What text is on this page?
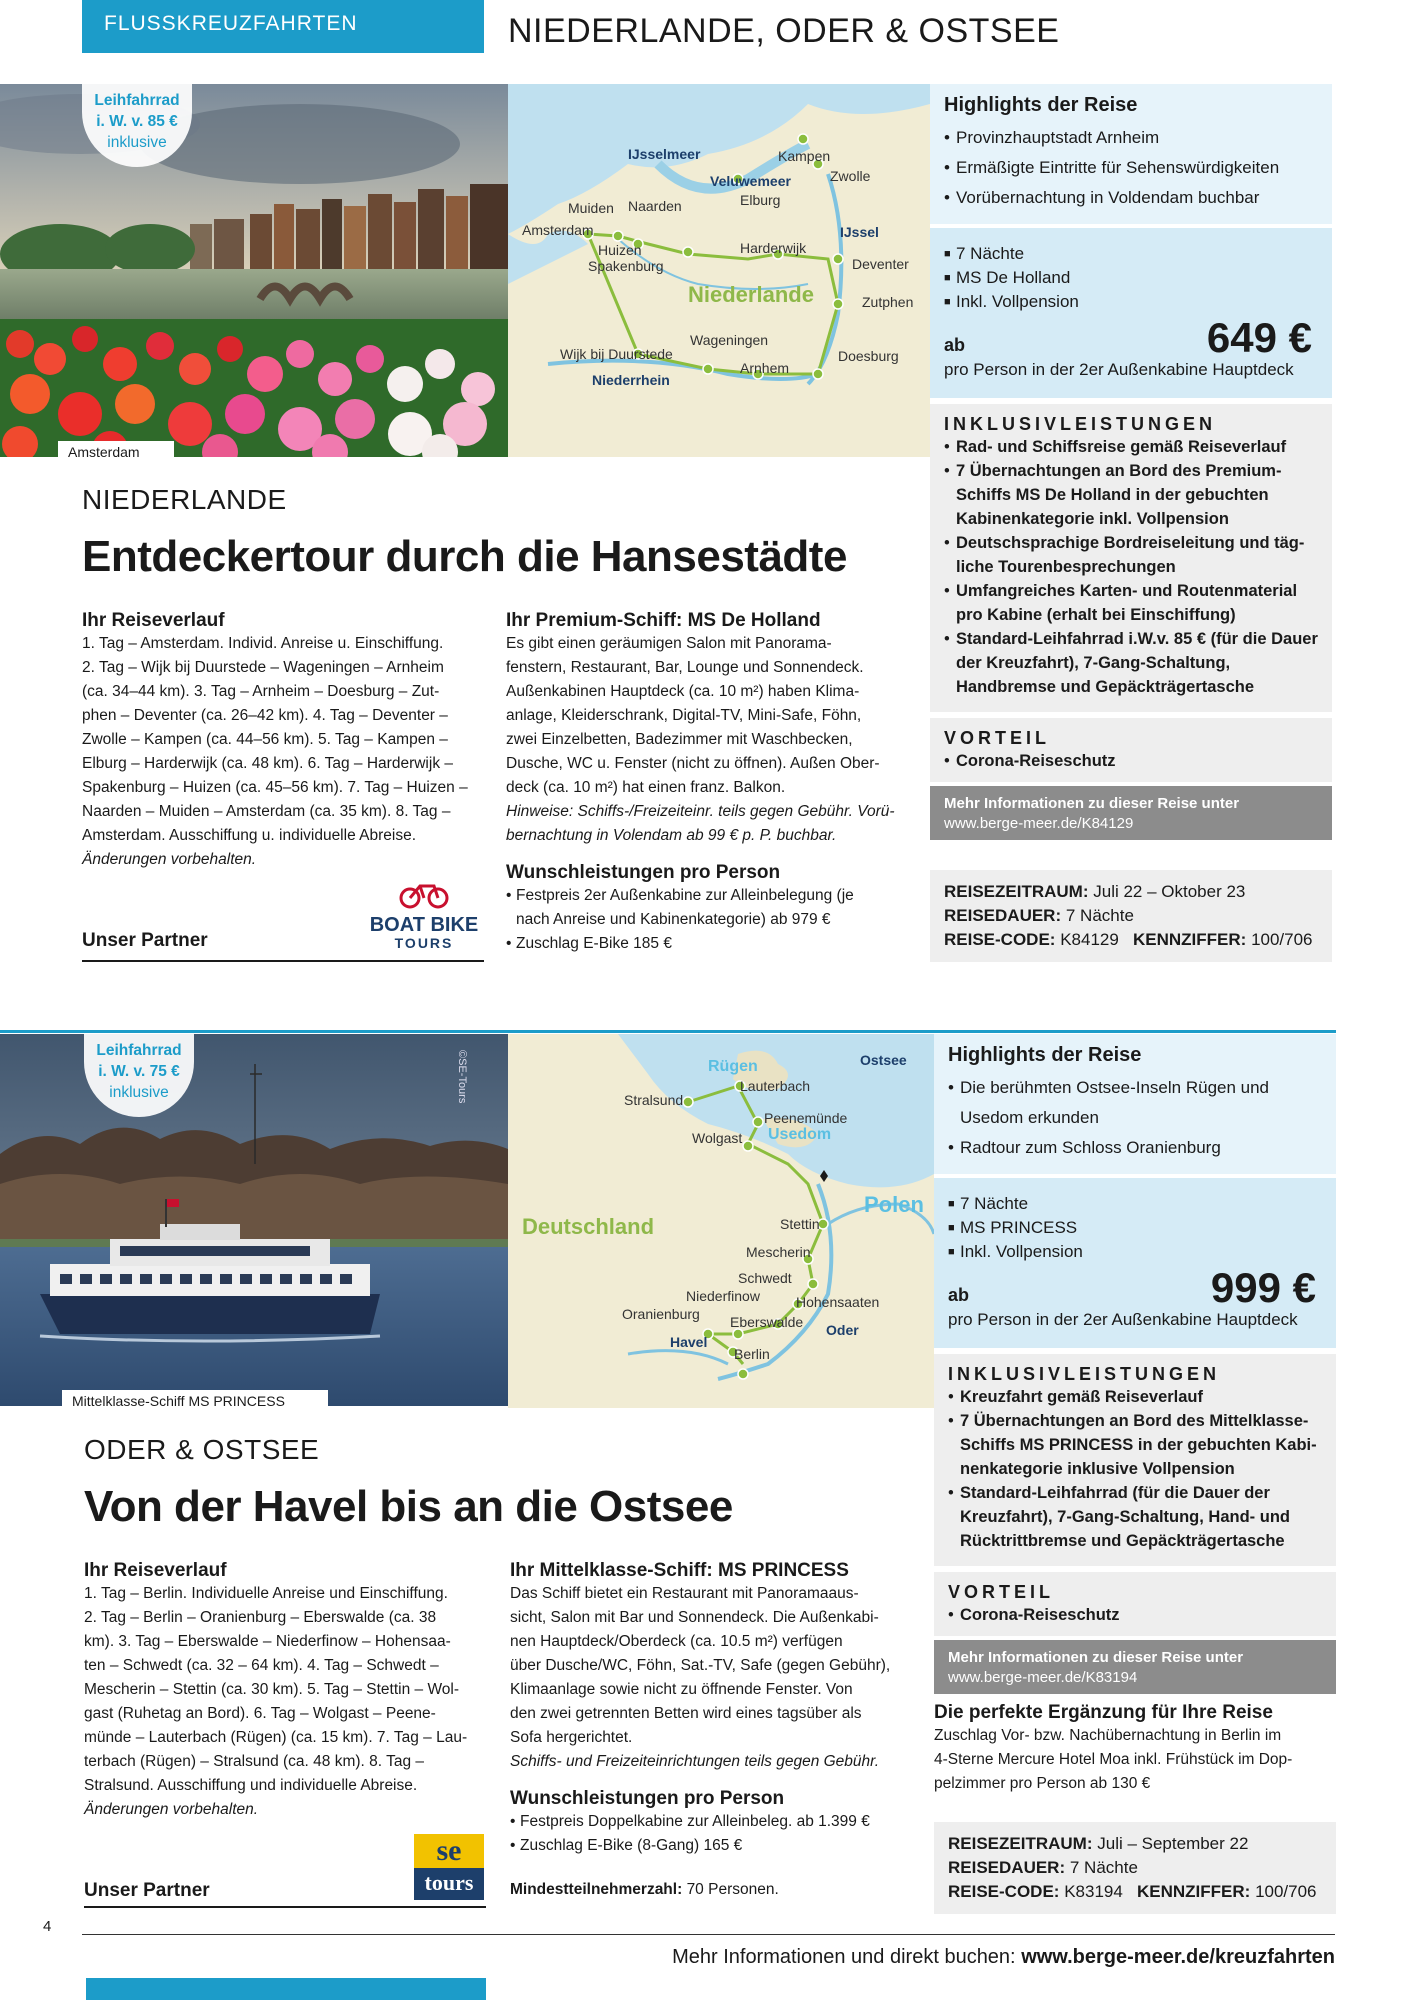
FLUSSKREUZFAHRTEN	NIEDERLANDE, ODER & OSTSEE
Leihfahrrad
i. W. v. 85 €
inklusive
Amsterdam
IJsselmeer
Veluwemeer
IJssel
Niederrhein
Niederlande
Kampen
Zwolle
Muiden Naarden	Elburg
Amsterdam
Huizen
Spakenburg
Harderwijk
Deventer
Zutphen
Wageningen
Wijk bij Duurstede
Arnhem
Doesburg
Highlights der Reise
• Provinzhauptstadt Arnheim
• Ermäßigte Eintritte für Sehenswürdigkeiten
• Vorübernachtung in Voldendam buchbar
■ 7 Nächte
■ MS De Holland
■ Inkl. Vollpension
ab	649 €
pro Person in der 2er Außenkabine Hauptdeck
INKLUSIVLEISTUNGEN
• Rad- und Schiffsreise gemäß Reiseverlauf
• 7 Übernachtungen an Bord des Premium- Schiffs MS De Holland in der gebuchten Kabinenkategorie inkl. Vollpension
• Deutschsprachige Bordreiseleitung und täg- liche Tourenbesprechungen
• Umfangreiches Karten- und Routenmaterial pro Kabine (erhalt bei Einschiffung)
• Standard-Leihfahrrad i.W.v. 85 € (für die Dauer der Kreuzfahrt), 7-Gang-Schaltung, Handbremse und Gepäckträgertasche
VORTEIL
• Corona-Reiseschutz
Mehr Informationen zu dieser Reise unter
www.berge-meer.de/K84129
REISEZEITRAUM: Juli 22 – Oktober 23
REISEDAUER: 7 Nächte
REISE-CODE: K84129 KENNZIFFER: 100/706
NIEDERLANDE
Entdeckertour durch die Hansestädte
Ihr Reiseverlauf

1. Tag – Amsterdam. Individ. Anreise u. Einschiffung.

2. Tag – Wijk bij Duurstede – Wageningen – Arnheim

(ca. 34–44 km). 3. Tag – Arnheim – Doesburg – Zut-

phen – Deventer (ca. 26–42 km). 4. Tag – Deventer –

Zwolle – Kampen (ca. 44–56 km). 5. Tag – Kampen –

Elburg – Harderwijk (ca. 48 km). 6. Tag – Harderwijk –

Spakenburg – Huizen (ca. 45–56 km). 7. Tag – Huizen –

Naarden – Muiden – Amsterdam (ca. 35 km). 8. Tag –

Amsterdam. Ausschiffung u. individuelle Abreise.

Änderungen vorbehalten.

Unser Partner
BOAT BIKE
TOURS
Ihr Premium-Schiff: MS De Holland

Es gibt einen geräumigen Salon mit Panorama-

fenstern, Restaurant, Bar, Lounge und Sonnendeck.

Außenkabinen Hauptdeck (ca. 10 m²) haben Klima-

anlage, Kleiderschrank, Digital-TV, Mini-Safe, Föhn,

zwei Einzelbetten, Badezimmer mit Waschbecken,

Dusche, WC u. Fenster (nicht zu öffnen). Außen Ober-

deck (ca. 10 m²) hat einen franz. Balkon.

Hinweise: Schiffs-/Freizeiteinr. teils gegen Gebühr. Vorü-

bernachtung in Volendam ab 99 € p. P. buchbar.

Wunschleistungen pro Person
• Festpreis 2er Außenkabine zur Alleinbelegung (je
nach Anreise und Kabinenkategorie) ab 979 €
• Zuschlag E-Bike 185 €
Leihfahrrad
i. W. v. 75 €
inklusive	©SE-Tours
Mittelklasse-Schiff MS PRINCESS
Rügen
Usedom
Ostsee
Deutschland
Polen
Stralsund
Lauterbach
Peenemünde
Wolgast
Stettin
Mescherin
Schwedt
Niederfinow	Hohensaaten
Oranienburg Eberswalde
Havel
Oder
Berlin
Highlights der Reise
• Die berühmten Ostsee-Inseln Rügen und
Usedom erkunden
• Radtour zum Schloss Oranienburg
■ 7 Nächte
■ MS PRINCESS
■ Inkl. Vollpension
ab	999 €
pro Person in der 2er Außenkabine Hauptdeck
INKLUSIVLEISTUNGEN
• Kreuzfahrt gemäß Reiseverlauf
• 7 Übernachtungen an Bord des Mittelklasse- Schiffs MS PRINCESS in der gebuchten Kabi- nenkategorie inklusive Vollpension
• Standard-Leihfahrrad (für die Dauer der Kreuzfahrt), 7-Gang-Schaltung, Hand- und Rücktrittbremse und Gepäckträgertasche
VORTEIL
• Corona-Reiseschutz
Mehr Informationen zu dieser Reise unter
www.berge-meer.de/K83194
Die perfekte Ergänzung für Ihre Reise

Zuschlag Vor- bzw. Nachübernachtung in Berlin im

4-Sterne Mercure Hotel Moa inkl. Frühstück im Dop-

pelzimmer pro Person ab 130 €

REISEZEITRAUM: Juli – September 22
REISEDAUER: 7 Nächte
REISE-CODE: K83194 KENNZIFFER: 100/706
ODER & OSTSEE
Von der Havel bis an die Ostsee
Ihr Reiseverlauf

1. Tag – Berlin. Individuelle Anreise und Einschiffung.

2. Tag – Berlin – Oranienburg – Eberswalde (ca. 38

km). 3. Tag – Eberswalde – Niederfinow – Hohensaa-

ten – Schwedt (ca. 32 – 64 km). 4. Tag – Schwedt –

Mescherin – Stettin (ca. 30 km). 5. Tag – Stettin – Wol-

gast (Ruhetag an Bord). 6. Tag – Wolgast – Peene-

münde – Lauterbach (Rügen) (ca. 15 km). 7. Tag – Lau-

terbach (Rügen) – Stralsund (ca. 48 km). 8. Tag –

Stralsund. Ausschiffung und individuelle Abreise.

Änderungen vorbehalten.

Unser Partner
se
tours
Ihr Mittelklasse-Schiff: MS PRINCESS

Das Schiff bietet ein Restaurant mit Panoramaaus-

sicht, Salon mit Bar und Sonnendeck. Die Außenkabi-

nen Hauptdeck/Oberdeck (ca. 10.5 m²) verfügen

über Dusche/WC, Föhn, Sat.-TV, Safe (gegen Gebühr),

Klimaanlage sowie nicht zu öffnende Fenster. Von

den zwei getrennten Betten wird eines tagsüber als

Sofa hergerichtet.

Schiffs- und Freizeiteinrichtungen teils gegen Gebühr.

Wunschleistungen pro Person
• Festpreis Doppelkabine zur Alleinbeleg. ab 1.399 €
• Zuschlag E-Bike (8-Gang) 165 €
Mindestteilnehmerzahl: 70 Personen.
4
Mehr Informationen und direkt buchen: www.berge-meer.de/kreuzfahrten
